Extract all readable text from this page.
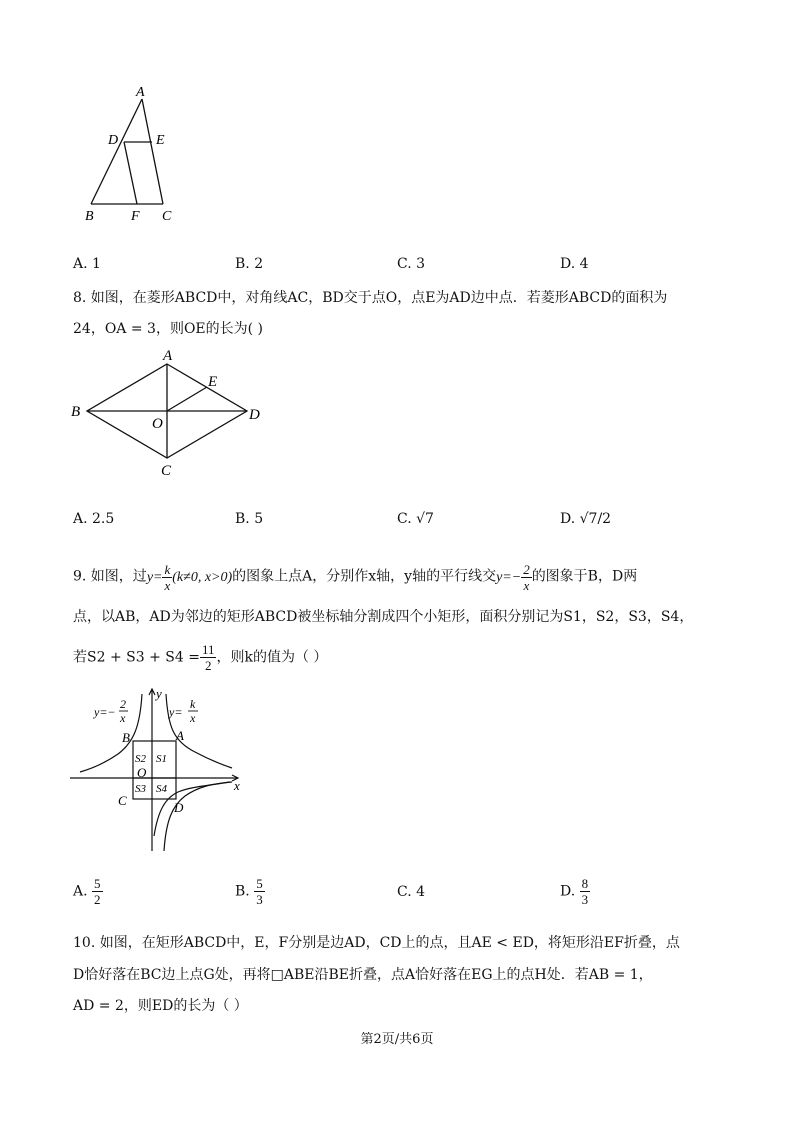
A
D	E
B	F C
A. 1	B. 2	C. 3	D. 4
8. 如图，在菱形ABCD中，对角线AC，BD交于点O，点E为AD边中点．若菱形ABCD的面积为
24，OA = 3，则OE的长为( )
A
E
B
O
D
C
A. 2.5	B. 5	C. √7	D. √7/2
9. 如图，过$y= \frac{k}{x} (k\ne 0$, x>0)的图象上点A，分别作x轴，y轴的平行线交$y=- \frac{2}{x}$ 的图象于B，D两
点，以AB，AD为邻边的矩形ABCD被坐标轴分割成四个小矩形，面积分别记为S1，S2，S3，S4，
若$S2 + S3 + S4 = \frac{11}{2}$ ，则k的值为（ ）
y
x
O
A
B
C	D
S1
S2
S3 S4
y=−
2
x	y=
k
x
A. $\frac{5}{2}$	B. $\frac{5}{3}$	C. 4	D. $\frac{8}{3}$
10. 如图，在矩形ABCD中，E，F分别是边AD，CD上的点，且AE < ED，将矩形沿EF折叠，点
D恰好落在BC边上点G处，再将□ABE沿BE折叠，点A恰好落在EG上的点H处．若AB = 1，
AD = 2，则ED的长为（ ）
第2页/共6页
